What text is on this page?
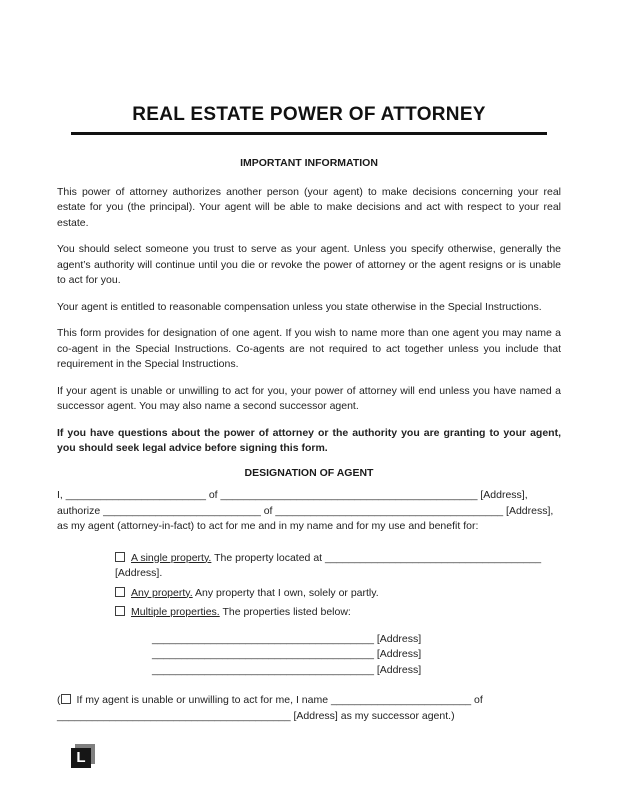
REAL ESTATE POWER OF ATTORNEY
IMPORTANT INFORMATION

This power of attorney authorizes another person (your agent) to make decisions concerning your real estate for you (the principal). Your agent will be able to make decisions and act with respect to your real estate.

You should select someone you trust to serve as your agent. Unless you specify otherwise, generally the agent’s authority will continue until you die or revoke the power of attorney or the agent resigns or is unable to act for you.

Your agent is entitled to reasonable compensation unless you state otherwise in the Special Instructions.

This form provides for designation of one agent. If you wish to name more than one agent you may name a co-agent in the Special Instructions. Co-agents are not required to act together unless you include that requirement in the Special Instructions.

If your agent is unable or unwilling to act for you, your power of attorney will end unless you have named a successor agent. You may also name a second successor agent.

If you have questions about the power of attorney or the authority you are granting to your agent, you should seek legal advice before signing this form.

DESIGNATION OF AGENT
I, ________________________ of ____________________________________________ [Address],
authorize ___________________________ of _______________________________________ [Address],
as my agent (attorney-in-fact) to act for me and in my name and for my use and benefit for:
A single property. The property located at _____________________________________ [Address].
Any property. Any property that I own, solely or partly.
Multiple properties. The properties listed below:
______________________________________ [Address]
______________________________________ [Address]
______________________________________ [Address]
( If my agent is unable or unwilling to act for me, I name ________________________ of
________________________________________ [Address] as my successor agent.)
L
